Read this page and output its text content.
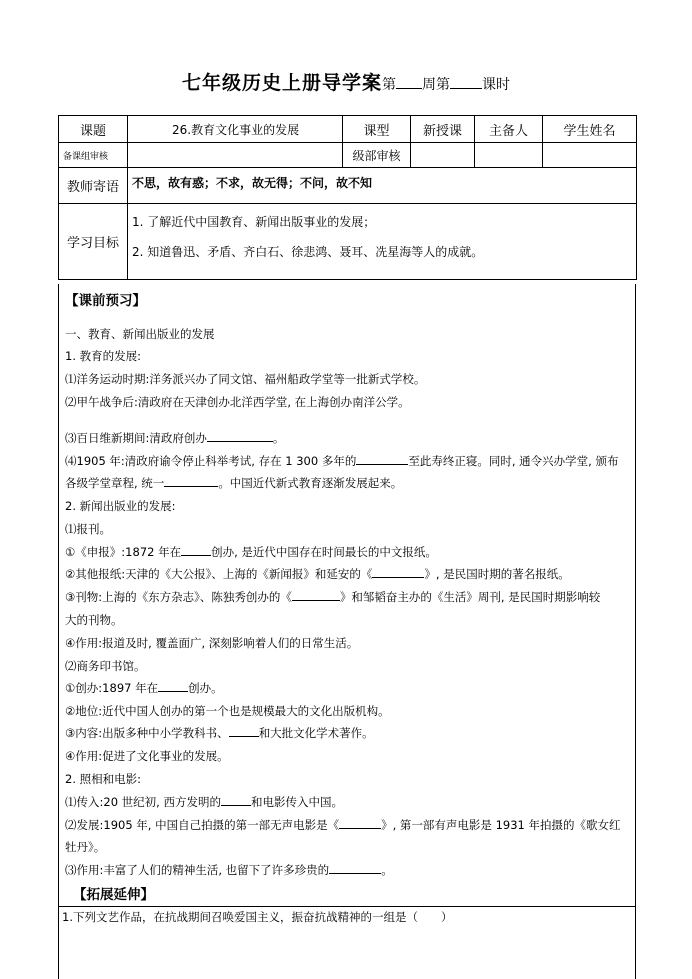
七年级历史上册导学案第 周第 课时
课题	26.教育文化事业的发展	课型	新授课	主备人	学生姓名
备课组审核		级部审核			
教师寄语	不思，故有惑；不求，故无得；不问，故不知				
学习目标	1. 了解近代中国教育、新闻出版事业的发展；
2. 知道鲁迅、矛盾、齐白石、徐悲鸿、聂耳、冼星海等人的成就。				
【课前预习】
一、教育、新闻出版业的发展
1. 教育的发展:
⑴洋务运动时期:洋务派兴办了同文馆、福州船政学堂等一批新式学校。
⑵甲午战争后:清政府在天津创办北洋西学堂, 在上海创办南洋公学。
⑶百日维新期间:清政府创办	。
⑷1905 年:清政府谕令停止科举考试, 存在 1 300 多年的	至此寿终正寝。同时, 通令兴办学堂, 颁布
各级学堂章程, 统一	。中国近代新式教育逐渐发展起来。
2. 新闻出版业的发展:
⑴报刊。
①《申报》:1872 年在	创办, 是近代中国存在时间最长的中文报纸。
②其他报纸:天津的《大公报》、上海的《新闻报》和延安的《	》, 是民国时期的著名报纸。
③刊物:上海的《东方杂志》、陈独秀创办的《	》和邹韬奋主办的《生活》周刊, 是民国时期影响较
大的刊物。
④作用:报道及时, 覆盖面广, 深刻影响着人们的日常生活。
⑵商务印书馆。
①创办:1897 年在	创办。
②地位:近代中国人创办的第一个也是规模最大的文化出版机构。
③内容:出版多种中小学教科书、	和大批文化学术著作。
④作用:促进了文化事业的发展。
2. 照相和电影:
⑴传入:20 世纪初, 西方发明的	和电影传入中国。
⑵发展:1905 年, 中国自己拍摄的第一部无声电影是《	》, 第一部有声电影是 1931 年拍摄的《歌女红
牡丹》。
⑶作用:丰富了人们的精神生活, 也留下了许多珍贵的	。
【拓展延伸】
1.下列文艺作品，在抗战期间召唤爱国主义，振奋抗战精神的一组是（　　）
